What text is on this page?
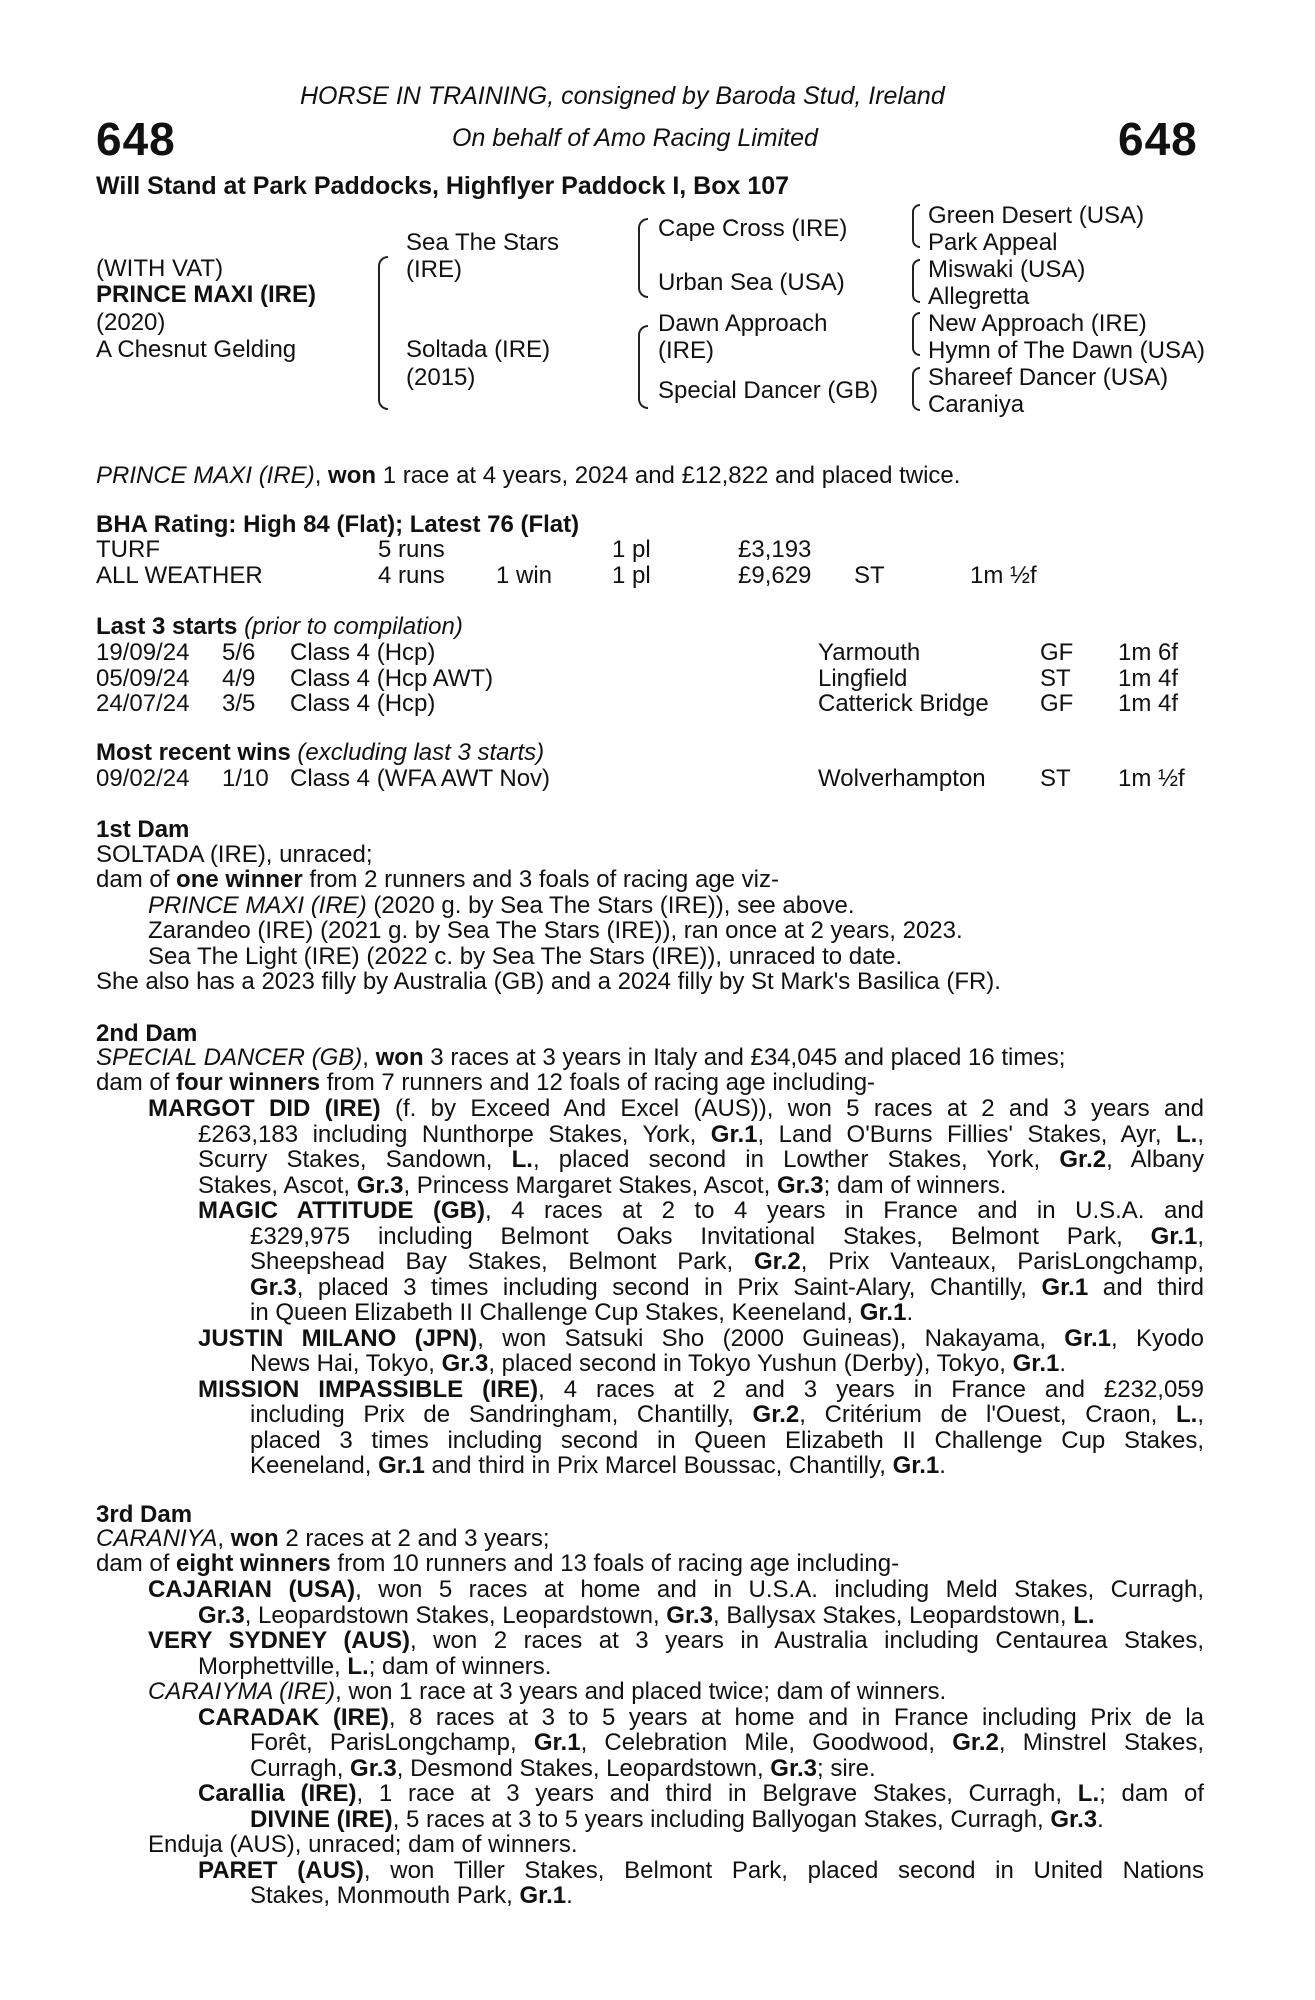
648	648
HORSE IN TRAINING, consigned by Baroda Stud, Ireland
On behalf of Amo Racing Limited
Will Stand at Park Paddocks, Highflyer Paddock I, Box 107
(WITH VAT)
PRINCE MAXI (IRE)
(2020)
A Chesnut Gelding
Sea The Stars
(IRE)
Soltada (IRE)
(2015)
Cape Cross (IRE)
Urban Sea (USA)
Dawn Approach
(IRE)
Special Dancer (GB)
Green Desert (USA)
Park Appeal
Miswaki (USA)
Allegretta
New Approach (IRE)
Hymn of The Dawn (USA)
Shareef Dancer (USA)
Caraniya
PRINCE MAXI (IRE), won 1 race at 4 years, 2024 and £12,822 and placed twice.
BHA Rating: High 84 (Flat); Latest 76 (Flat)
TURF	5 runs	1 pl	£3,193
ALL WEATHER	4 runs 1 win 1 pl	£9,629 ST	1m ½f
Last 3 starts (prior to compilation)
19/09/24 5/6 Class 4 (Hcp)	Yarmouth	GF 1m 6f
05/09/24 4/9 Class 4 (Hcp AWT)	Lingfield	ST 1m 4f
24/07/24 3/5 Class 4 (Hcp)	Catterick Bridge GF 1m 4f
Most recent wins (excluding last 3 starts)
09/02/24 1/10 Class 4 (WFA AWT Nov)	Wolverhampton ST 1m ½f
1st Dam
SOLTADA (IRE), unraced;
dam of one winner from 2 runners and 3 foals of racing age viz-
PRINCE MAXI (IRE) (2020 g. by Sea The Stars (IRE)), see above.
Zarandeo (IRE) (2021 g. by Sea The Stars (IRE)), ran once at 2 years, 2023.
Sea The Light (IRE) (2022 c. by Sea The Stars (IRE)), unraced to date.
She also has a 2023 filly by Australia (GB) and a 2024 filly by St Mark's Basilica (FR).
2nd Dam
SPECIAL DANCER (GB), won 3 races at 3 years in Italy and £34,045 and placed 16 times;
dam of four winners from 7 runners and 12 foals of racing age including-
MARGOT DID (IRE) (f. by Exceed And Excel (AUS)), won 5 races at 2 and 3 years and
£263,183 including Nunthorpe Stakes, York, Gr.1, Land O'Burns Fillies' Stakes, Ayr, L.,
Scurry Stakes, Sandown, L., placed second in Lowther Stakes, York, Gr.2, Albany
Stakes, Ascot, Gr.3, Princess Margaret Stakes, Ascot, Gr.3; dam of winners.
MAGIC ATTITUDE (GB), 4 races at 2 to 4 years in France and in U.S.A. and
£329,975 including Belmont Oaks Invitational Stakes, Belmont Park, Gr.1,
Sheepshead Bay Stakes, Belmont Park, Gr.2, Prix Vanteaux, ParisLongchamp,
Gr.3, placed 3 times including second in Prix Saint-Alary, Chantilly, Gr.1 and third
in Queen Elizabeth II Challenge Cup Stakes, Keeneland, Gr.1.
JUSTIN MILANO (JPN), won Satsuki Sho (2000 Guineas), Nakayama, Gr.1, Kyodo
News Hai, Tokyo, Gr.3, placed second in Tokyo Yushun (Derby), Tokyo, Gr.1.
MISSION IMPASSIBLE (IRE), 4 races at 2 and 3 years in France and £232,059
including Prix de Sandringham, Chantilly, Gr.2, Critérium de l'Ouest, Craon, L.,
placed 3 times including second in Queen Elizabeth II Challenge Cup Stakes,
Keeneland, Gr.1 and third in Prix Marcel Boussac, Chantilly, Gr.1.
3rd Dam
CARANIYA, won 2 races at 2 and 3 years;
dam of eight winners from 10 runners and 13 foals of racing age including-
CAJARIAN (USA), won 5 races at home and in U.S.A. including Meld Stakes, Curragh,
Gr.3, Leopardstown Stakes, Leopardstown, Gr.3, Ballysax Stakes, Leopardstown, L.
VERY SYDNEY (AUS), won 2 races at 3 years in Australia including Centaurea Stakes,
Morphettville, L.; dam of winners.
CARAIYMA (IRE), won 1 race at 3 years and placed twice; dam of winners.
CARADAK (IRE), 8 races at 3 to 5 years at home and in France including Prix de la
Forêt, ParisLongchamp, Gr.1, Celebration Mile, Goodwood, Gr.2, Minstrel Stakes,
Curragh, Gr.3, Desmond Stakes, Leopardstown, Gr.3; sire.
Carallia (IRE), 1 race at 3 years and third in Belgrave Stakes, Curragh, L.; dam of
DIVINE (IRE), 5 races at 3 to 5 years including Ballyogan Stakes, Curragh, Gr.3.
Enduja (AUS), unraced; dam of winners.
PARET (AUS), won Tiller Stakes, Belmont Park, placed second in United Nations
Stakes, Monmouth Park, Gr.1.
